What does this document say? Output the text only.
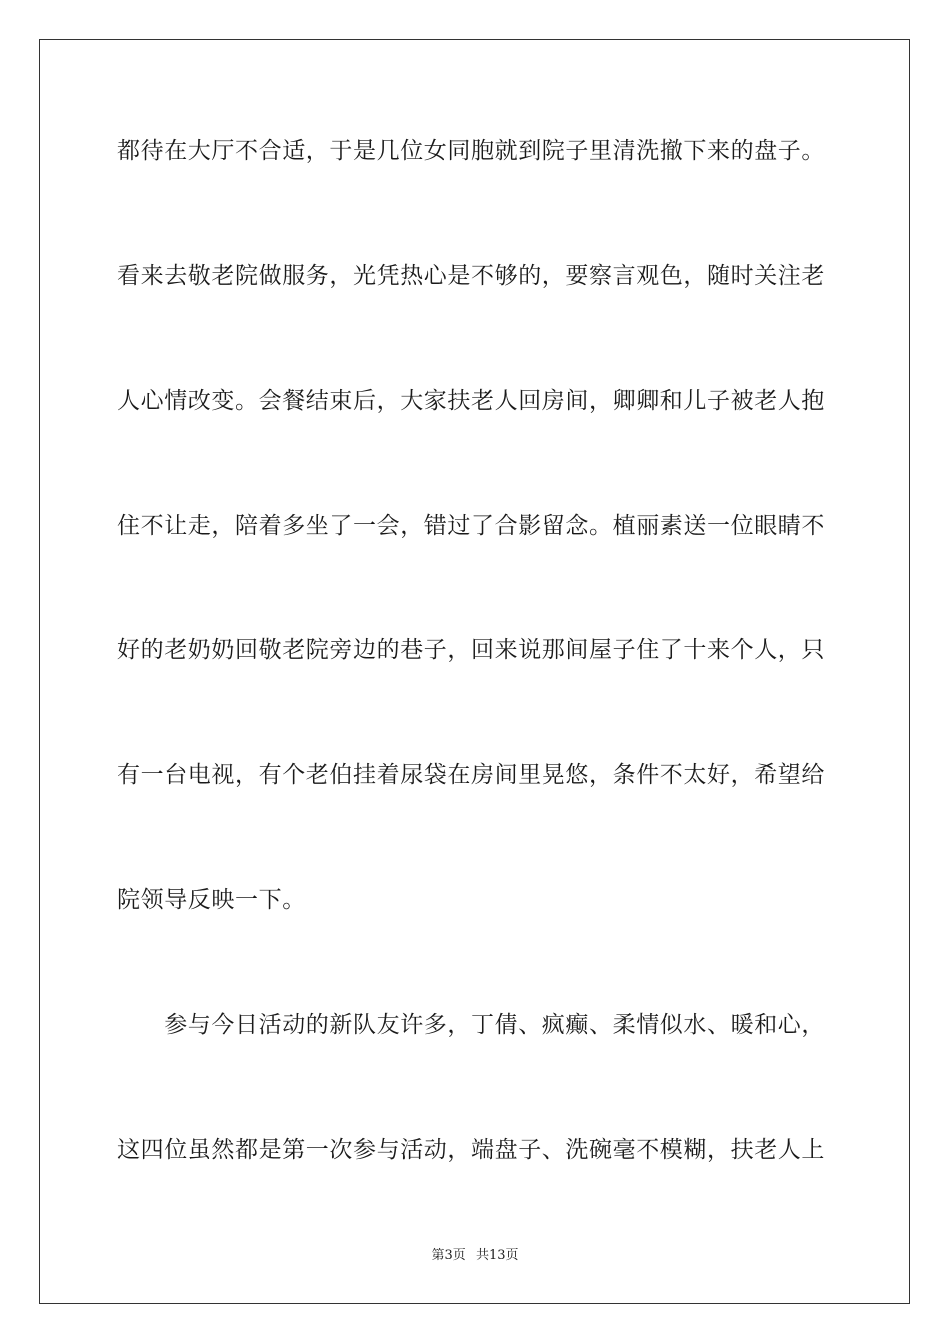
都待在大厅不合适，于是几位女同胞就到院子里清洗撤下来的盘子。
看来去敬老院做服务，光凭热心是不够的，要察言观色，随时关注老
人心情改变。会餐结束后，大家扶老人回房间，卿卿和儿子被老人抱
住不让走，陪着多坐了一会，错过了合影留念。植丽素送一位眼睛不
好的老奶奶回敬老院旁边的巷子，回来说那间屋子住了十来个人，只
有一台电视，有个老伯挂着尿袋在房间里晃悠，条件不太好，希望给
院领导反映一下。
　　参与今日活动的新队友许多，丁倩、疯癫、柔情似水、暖和心，
这四位虽然都是第一次参与活动，端盘子、洗碗毫不模糊，扶老人上
第3页 共13页
